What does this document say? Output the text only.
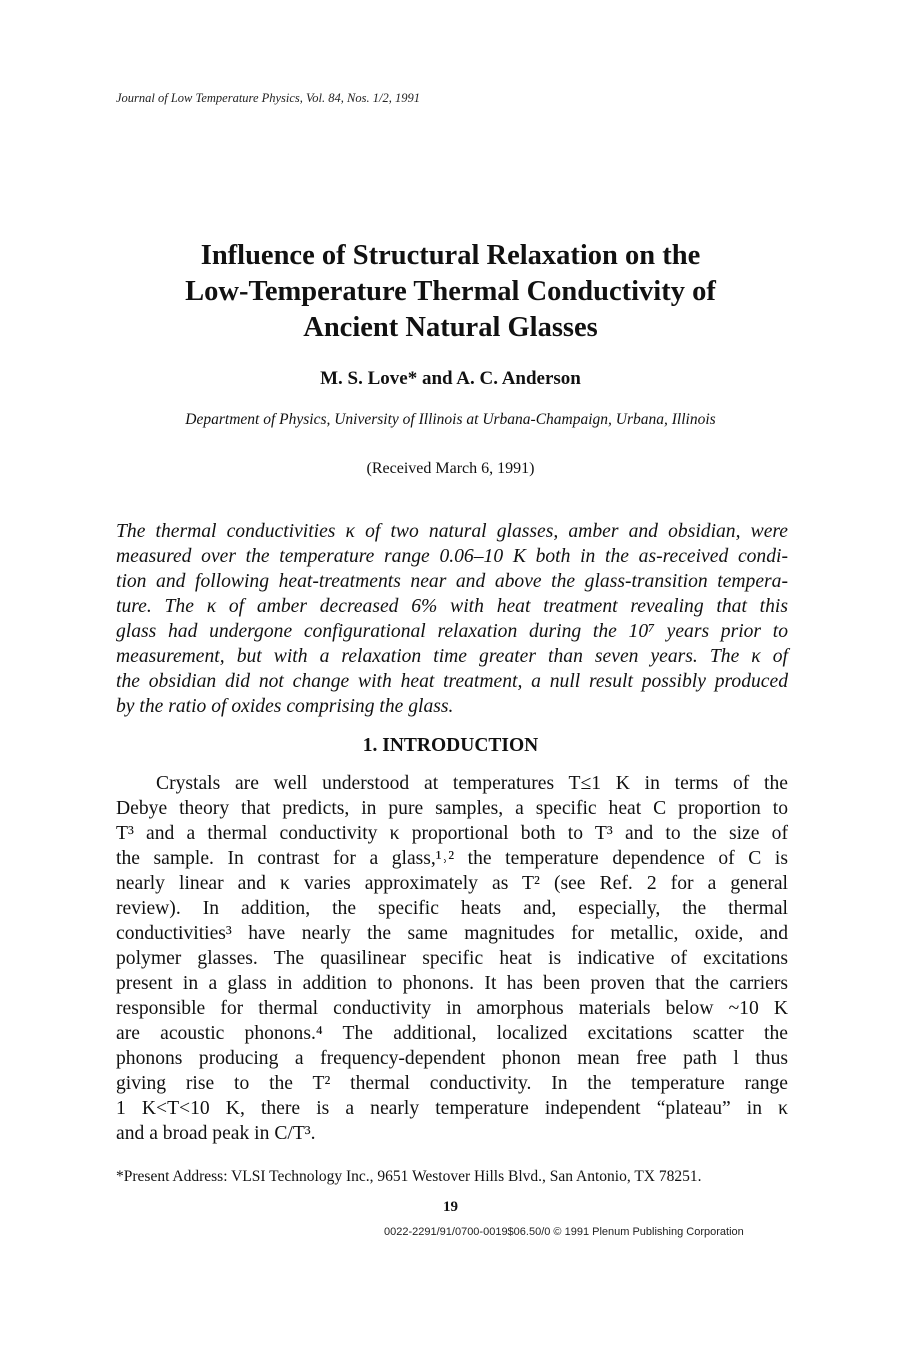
Journal of Low Temperature Physics, Vol. 84, Nos. 1/2, 1991
Influence of Structural Relaxation on the
Low-Temperature Thermal Conductivity of
Ancient Natural Glasses
M. S. Love* and A. C. Anderson
Department of Physics, University of Illinois at Urbana-Champaign, Urbana, Illinois
(Received March 6, 1991)
The thermal conductivities κ of two natural glasses, amber and obsidian, were
measured over the temperature range 0.06–10 K both in the as-received condi-
tion and following heat-treatments near and above the glass-transition tempera-
ture. The κ of amber decreased 6% with heat treatment revealing that this
glass had undergone configurational relaxation during the 10⁷ years prior to
measurement, but with a relaxation time greater than seven years. The κ of
the obsidian did not change with heat treatment, a null result possibly produced
by the ratio of oxides comprising the glass.
1. INTRODUCTION
Crystals are well understood at temperatures T≤1 K in terms of the
Debye theory that predicts, in pure samples, a specific heat C proportion to
T³ and a thermal conductivity κ proportional both to T³ and to the size of
the sample. In contrast for a glass,¹˒² the temperature dependence of C is
nearly linear and κ varies approximately as T² (see Ref. 2 for a general
review). In addition, the specific heats and, especially, the thermal
conductivities³ have nearly the same magnitudes for metallic, oxide, and
polymer glasses. The quasilinear specific heat is indicative of excitations
present in a glass in addition to phonons. It has been proven that the carriers
responsible for thermal conductivity in amorphous materials below ~10 K
are acoustic phonons.⁴ The additional, localized excitations scatter the
phonons producing a frequency-dependent phonon mean free path l thus
giving rise to the T² thermal conductivity. In the temperature range
1 K<T<10 K, there is a nearly temperature independent “plateau” in κ
and a broad peak in C/T³.
*Present Address: VLSI Technology Inc., 9651 Westover Hills Blvd., San Antonio, TX 78251.
19
0022-2291/91/0700-0019$06.50/0 © 1991 Plenum Publishing Corporation
